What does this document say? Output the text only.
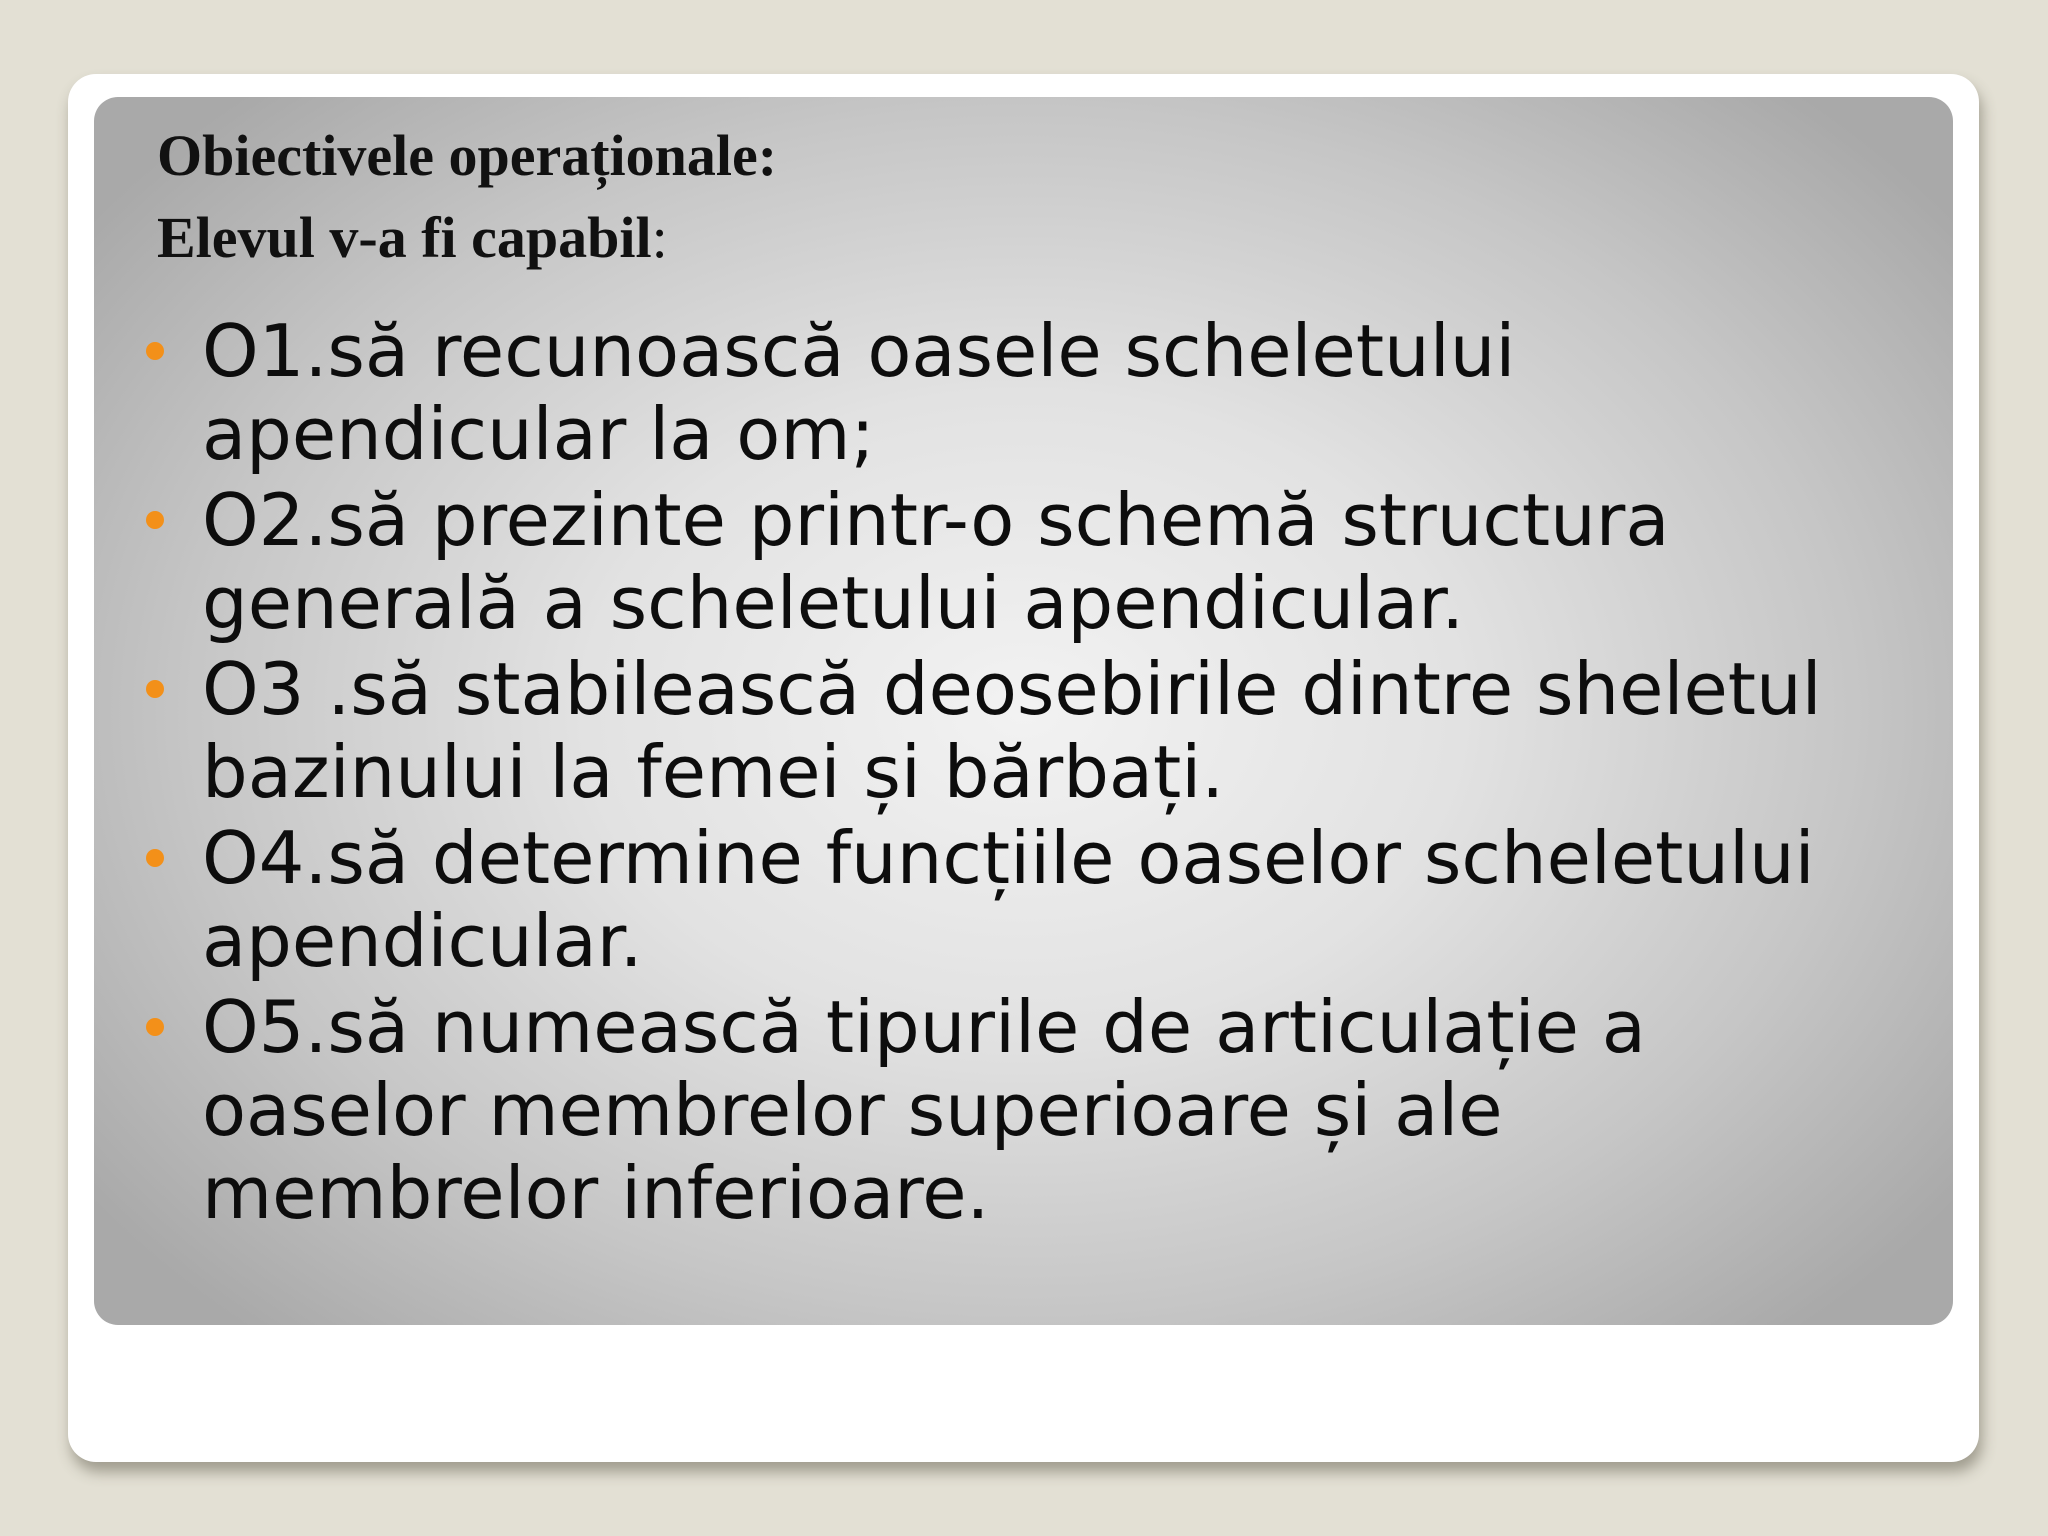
Obiectivele operaționale:
Elevul v-a fi capabil:
O1.să recunoască oasele scheletului
apendicular la om;
O2.să prezinte printr-o schemă structura
generală a scheletului apendicular.
O3 .să stabilească deosebirile dintre sheletul
bazinului la femei și bărbați.
O4.să determine funcțiile oaselor scheletului
apendicular.
O5.să numească tipurile de articulație a
oaselor membrelor superioare și ale
membrelor inferioare.
